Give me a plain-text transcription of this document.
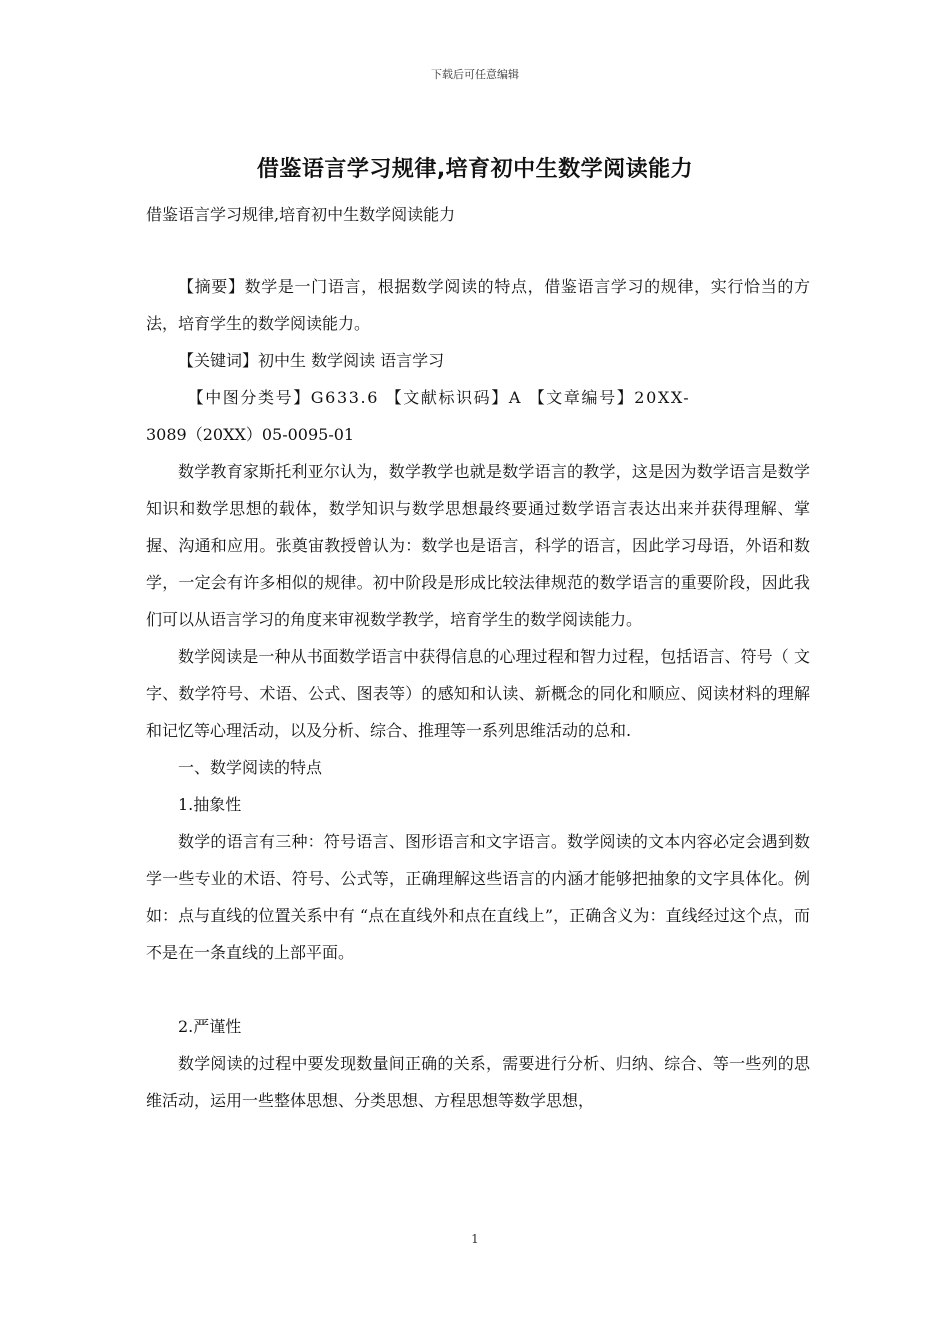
下载后可任意编辑
借鉴语言学习规律,培育初中生数学阅读能力
借鉴语言学习规律,培育初中生数学阅读能力

【摘要】数学是一门语言，根据数学阅读的特点，借鉴语言学习的规律，实行恰当的方法，培育学生的数学阅读能力。

【关键词】初中生 数学阅读 语言学习

【中图分类号】G633.6 【文献标识码】A 【文章编号】20XX-

3089（20XX）05-0095-01

数学教育家斯托利亚尔认为，数学教学也就是数学语言的教学，这是因为数学语言是数学知识和数学思想的载体，数学知识与数学思想最终要通过数学语言表达出来并获得理解、掌握、沟通和应用。张奠宙教授曾认为：数学也是语言，科学的语言，因此学习母语，外语和数学，一定会有许多相似的规律。初中阶段是形成比较法律规范的数学语言的重要阶段，因此我们可以从语言学习的角度来审视数学教学，培育学生的数学阅读能力。

数学阅读是一种从书面数学语言中获得信息的心理过程和智力过程，包括语言、符号（ 文字、数学符号、术语、公式、图表等）的感知和认读、新概念的同化和顺应、阅读材料的理解和记忆等心理活动，以及分析、综合、推理等一系列思维活动的总和.

一、数学阅读的特点

1.抽象性

数学的语言有三种：符号语言、图形语言和文字语言。数学阅读的文本内容必定会遇到数学一些专业的术语、符号、公式等，正确理解这些语言的内涵才能够把抽象的文字具体化。例如：点与直线的位置关系中有 “点在直线外和点在直线上”，正确含义为：直线经过这个点，而不是在一条直线的上部平面。

2.严谨性

数学阅读的过程中要发现数量间正确的关系，需要进行分析、归纳、综合、等一些列的思维活动，运用一些整体思想、分类思想、方程思想等数学思想，

1
